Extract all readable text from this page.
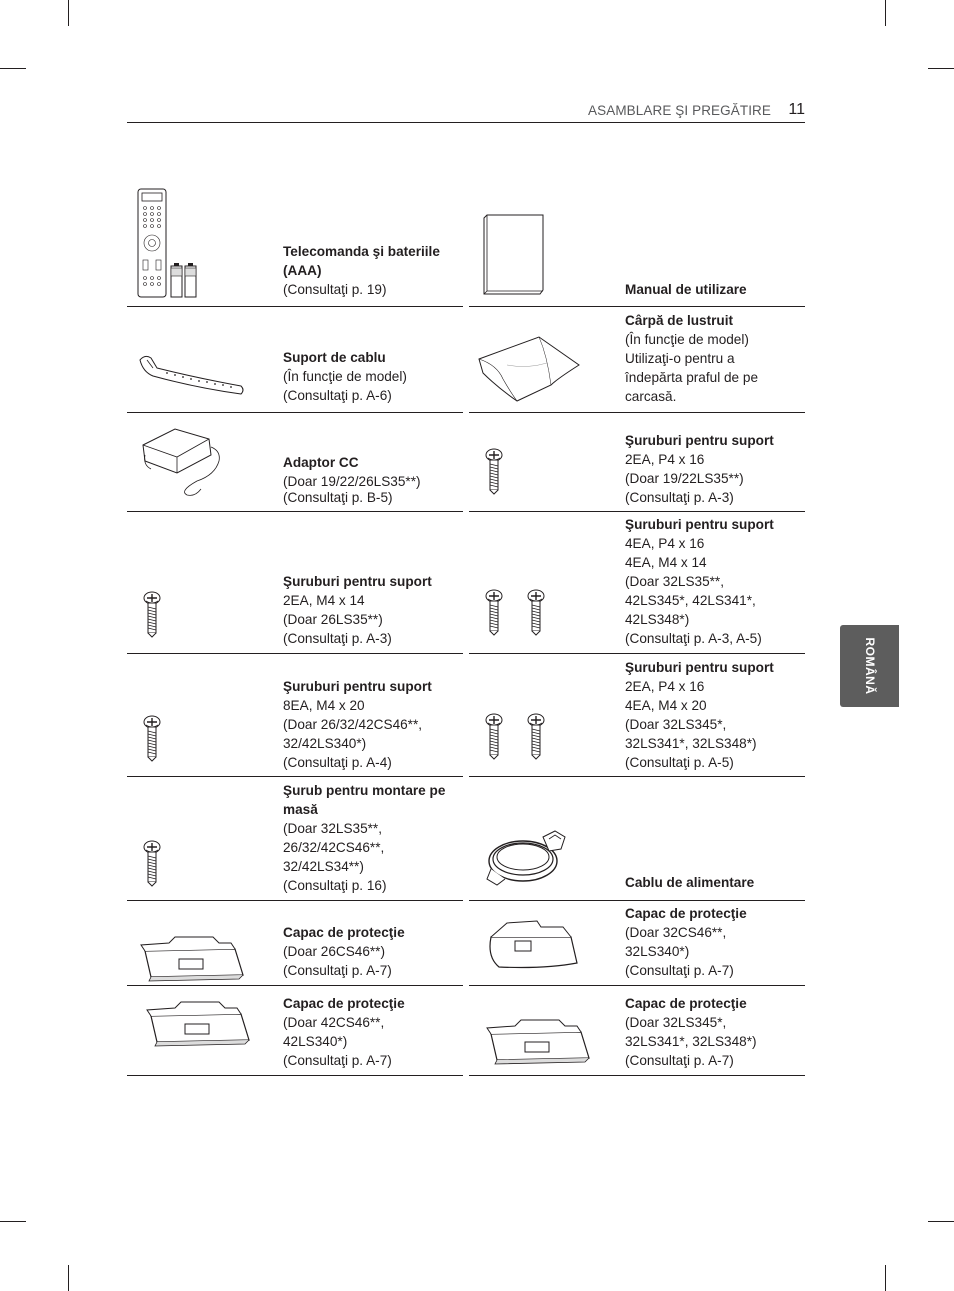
ASAMBLARE ŞI PREGĂTIRE 11
ROMÂNĂ
Telecomanda şi bateriile (AAA)
(Consultaţi p. 19)	Manual de utilizare
Suport de cablu
(În funcţie de model)
(Consultaţi p. A-6)
Cârpă de lustruit
(În funcţie de model)
Utilizaţi-o pentru a
îndepărta praful de pe
carcasă.
Adaptor CC
(Doar 19/22/26LS35**)
(Consultaţi p. B-5)
Şuruburi pentru suport
2EA, P4 x 16
(Doar 19/22LS35**)
(Consultaţi p. A-3)
Şuruburi pentru suport
2EA, M4 x 14
(Doar 26LS35**)
(Consultaţi p. A-3)
Şuruburi pentru suport
4EA, P4 x 16
4EA, M4 x 14
(Doar 32LS35**,
42LS345*, 42LS341*,
42LS348*)
(Consultaţi p. A-3, A-5)
Şuruburi pentru suport
8EA, M4 x 20
(Doar 26/32/42CS46**,
32/42LS340*)
(Consultaţi p. A-4)
Şuruburi pentru suport
2EA, P4 x 16
4EA, M4 x 20
(Doar 32LS345*,
32LS341*, 32LS348*)
(Consultaţi p. A-5)
Şurub pentru montare pe masă
(Doar 32LS35**,
26/32/42CS46**,
32/42LS34**)
(Consultaţi p. 16)	Cablu de alimentare
Capac de protecţie
(Doar 26CS46**)
(Consultaţi p. A-7)
Capac de protecţie
(Doar 32CS46**,
32LS340*)
(Consultaţi p. A-7)
Capac de protecţie
(Doar 42CS46**,
42LS340*)
(Consultaţi p. A-7)
Capac de protecţie
(Doar 32LS345*,
32LS341*, 32LS348*)
(Consultaţi p. A-7)
